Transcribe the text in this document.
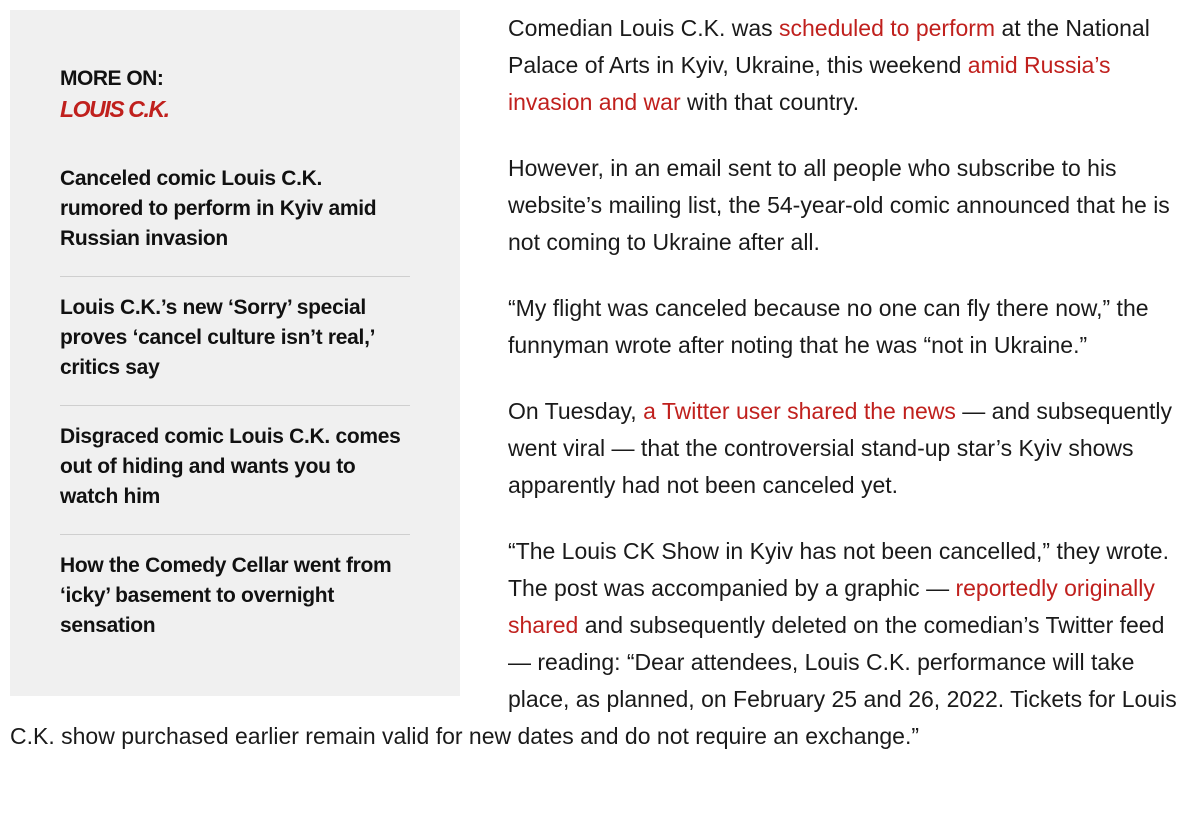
MORE ON:
LOUIS C.K.
Canceled comic Louis C.K. rumored to perform in Kyiv amid Russian invasion
Louis C.K.’s new ‘Sorry’ special proves ‘cancel culture isn’t real,’ critics say
Disgraced comic Louis C.K. comes out of hiding and wants you to watch him
How the Comedy Cellar went from ‘icky’ basement to overnight sensation

Comedian Louis C.K. was scheduled to perform at the National Palace of Arts in Kyiv, Ukraine, this weekend amid Russia’s invasion and war with that country.

However, in an email sent to all people who subscribe to his website’s mailing list, the 54-year-old comic announced that he is not coming to Ukraine after all.

“My flight was canceled because no one can fly there now,” the funnyman wrote after noting that he was “not in Ukraine.”

On Tuesday, a Twitter user shared the news — and subsequently went viral — that the controversial stand-up star’s Kyiv shows apparently had not been canceled yet.

“The Louis CK Show in Kyiv has not been cancelled,” they wrote. The post was accompanied by a graphic — reportedly originally shared and subsequently deleted on the comedian’s Twitter feed — reading: “Dear attendees, Louis C.K. performance will take place, as planned, on February 25 and 26, 2022. Tickets for Louis C.K. show purchased earlier remain valid for new dates and do not require an exchange.”
